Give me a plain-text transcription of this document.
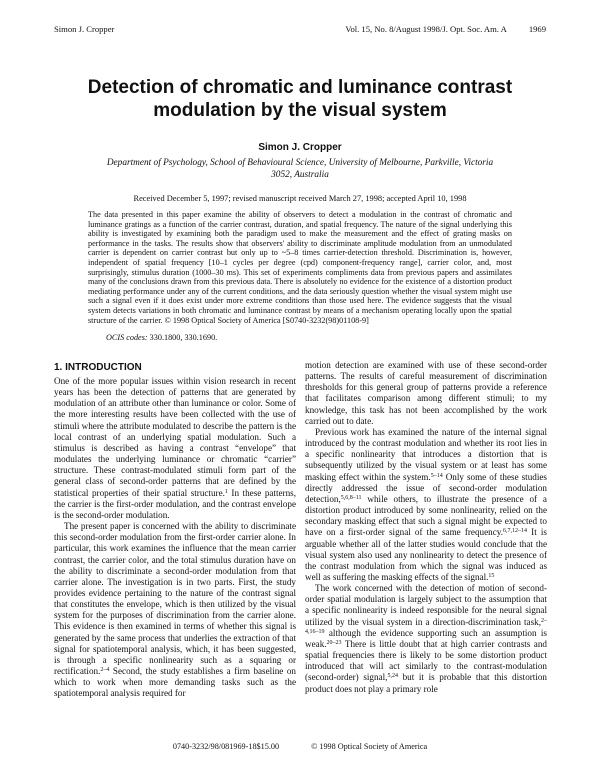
Simon J. Cropper	Vol. 15, No. 8/August 1998/J. Opt. Soc. Am. A	1969
Detection of chromatic and luminance contrast modulation by the visual system
Simon J. Cropper
Department of Psychology, School of Behavioural Science, University of Melbourne, Parkville, Victoria 3052, Australia
Received December 5, 1997; revised manuscript received March 27, 1998; accepted April 10, 1998

The data presented in this paper examine the ability of observers to detect a modulation in the contrast of chromatic and luminance gratings as a function of the carrier contrast, duration, and spatial frequency. The nature of the signal underlying this ability is investigated by examining both the paradigm used to make the measurement and the effect of grating masks on performance in the tasks. The results show that observers' ability to discriminate amplitude modulation from an unmodulated carrier is dependent on carrier contrast but only up to ~5–8 times carrier-detection threshold. Discrimination is, however, independent of spatial frequency [10–1 cycles per degree (cpd) component-frequency range], carrier color, and, most surprisingly, stimulus duration (1000–30 ms). This set of experiments compliments data from previous papers and assimilates many of the conclusions drawn from this previous data. There is absolutely no evidence for the existence of a distortion product mediating performance under any of the current conditions, and the data seriously question whether the visual system might use such a signal even if it does exist under more extreme conditions than those used here. The evidence suggests that the visual system detects variations in both chromatic and luminance contrast by means of a mechanism operating locally upon the spatial structure of the carrier. © 1998 Optical Society of America [S0740-3232(98)01108-9]

OCIS codes: 330.1800, 330.1690.
1. INTRODUCTION

One of the more popular issues within vision research in recent years has been the detection of patterns that are generated by modulation of an attribute other than luminance or color. Some of the more interesting results have been collected with the use of stimuli where the attribute modulated to describe the pattern is the local contrast of an underlying spatial modulation. Such a stimulus is described as having a contrast “envelope” that modulates the underlying luminance or chromatic “carrier” structure. These contrast-modulated stimuli form part of the general class of second-order patterns that are defined by the statistical properties of their spatial structure.$^1$ In these patterns, the carrier is the first-order modulation, and the contrast envelope is the second-order modulation.

The present paper is concerned with the ability to discriminate this second-order modulation from the first-order carrier alone. In particular, this work examines the influence that the mean carrier contrast, the carrier color, and the total stimulus duration have on the ability to discriminate a second-order modulation from that carrier alone. The investigation is in two parts. First, the study provides evidence pertaining to the nature of the contrast signal that constitutes the envelope, which is then utilized by the visual system for the purposes of discrimination from the carrier alone. This evidence is then examined in terms of whether this signal is generated by the same process that underlies the extraction of that signal for spatiotemporal analysis, which, it has been suggested, is through a specific nonlinearity such as a squaring or rectification.$^{2-4}$ Second, the study establishes a firm baseline on which to work when more demanding tasks such as the spatiotemporal analysis required for

motion detection are examined with use of these second-order patterns. The results of careful measurement of discrimination thresholds for this general group of patterns provide a reference that facilitates comparison among different stimuli; to my knowledge, this task has not been accomplished by the work carried out to date.

Previous work has examined the nature of the internal signal introduced by the contrast modulation and whether its root lies in a specific nonlinearity that introduces a distortion that is subsequently utilized by the visual system or at least has some masking effect within the system.$^{5-14}$ Only some of these studies directly addressed the issue of second-order modulation detection,$^{5,6,8-11}$ while others, to illustrate the presence of a distortion product introduced by some nonlinearity, relied on the secondary masking effect that such a signal might be expected to have on a first-order signal of the same frequency.$^{6,7,12-14}$ It is arguable whether all of the latter studies would conclude that the visual system also used any nonlinearity to detect the presence of the contrast modulation from which the signal was induced as well as suffering the masking effects of the signal.$^{15}$

The work concerned with the detection of motion of second-order spatial modulation is largely subject to the assumption that a specific nonlinearity is indeed responsible for the neural signal utilized by the visual system in a direction-discrimination task,$^{2-4,16-19}$ although the evidence supporting such an assumption is weak.$^{20-23}$ There is little doubt that at high carrier contrasts and spatial frequencies there is likely to be some distortion product introduced that will act similarly to the contrast-modulation (second-order) signal,$^{5,24}$ but it is probable that this distortion product does not play a primary role

0740-3232/98/081969-18$15.00	© 1998 Optical Society of America
